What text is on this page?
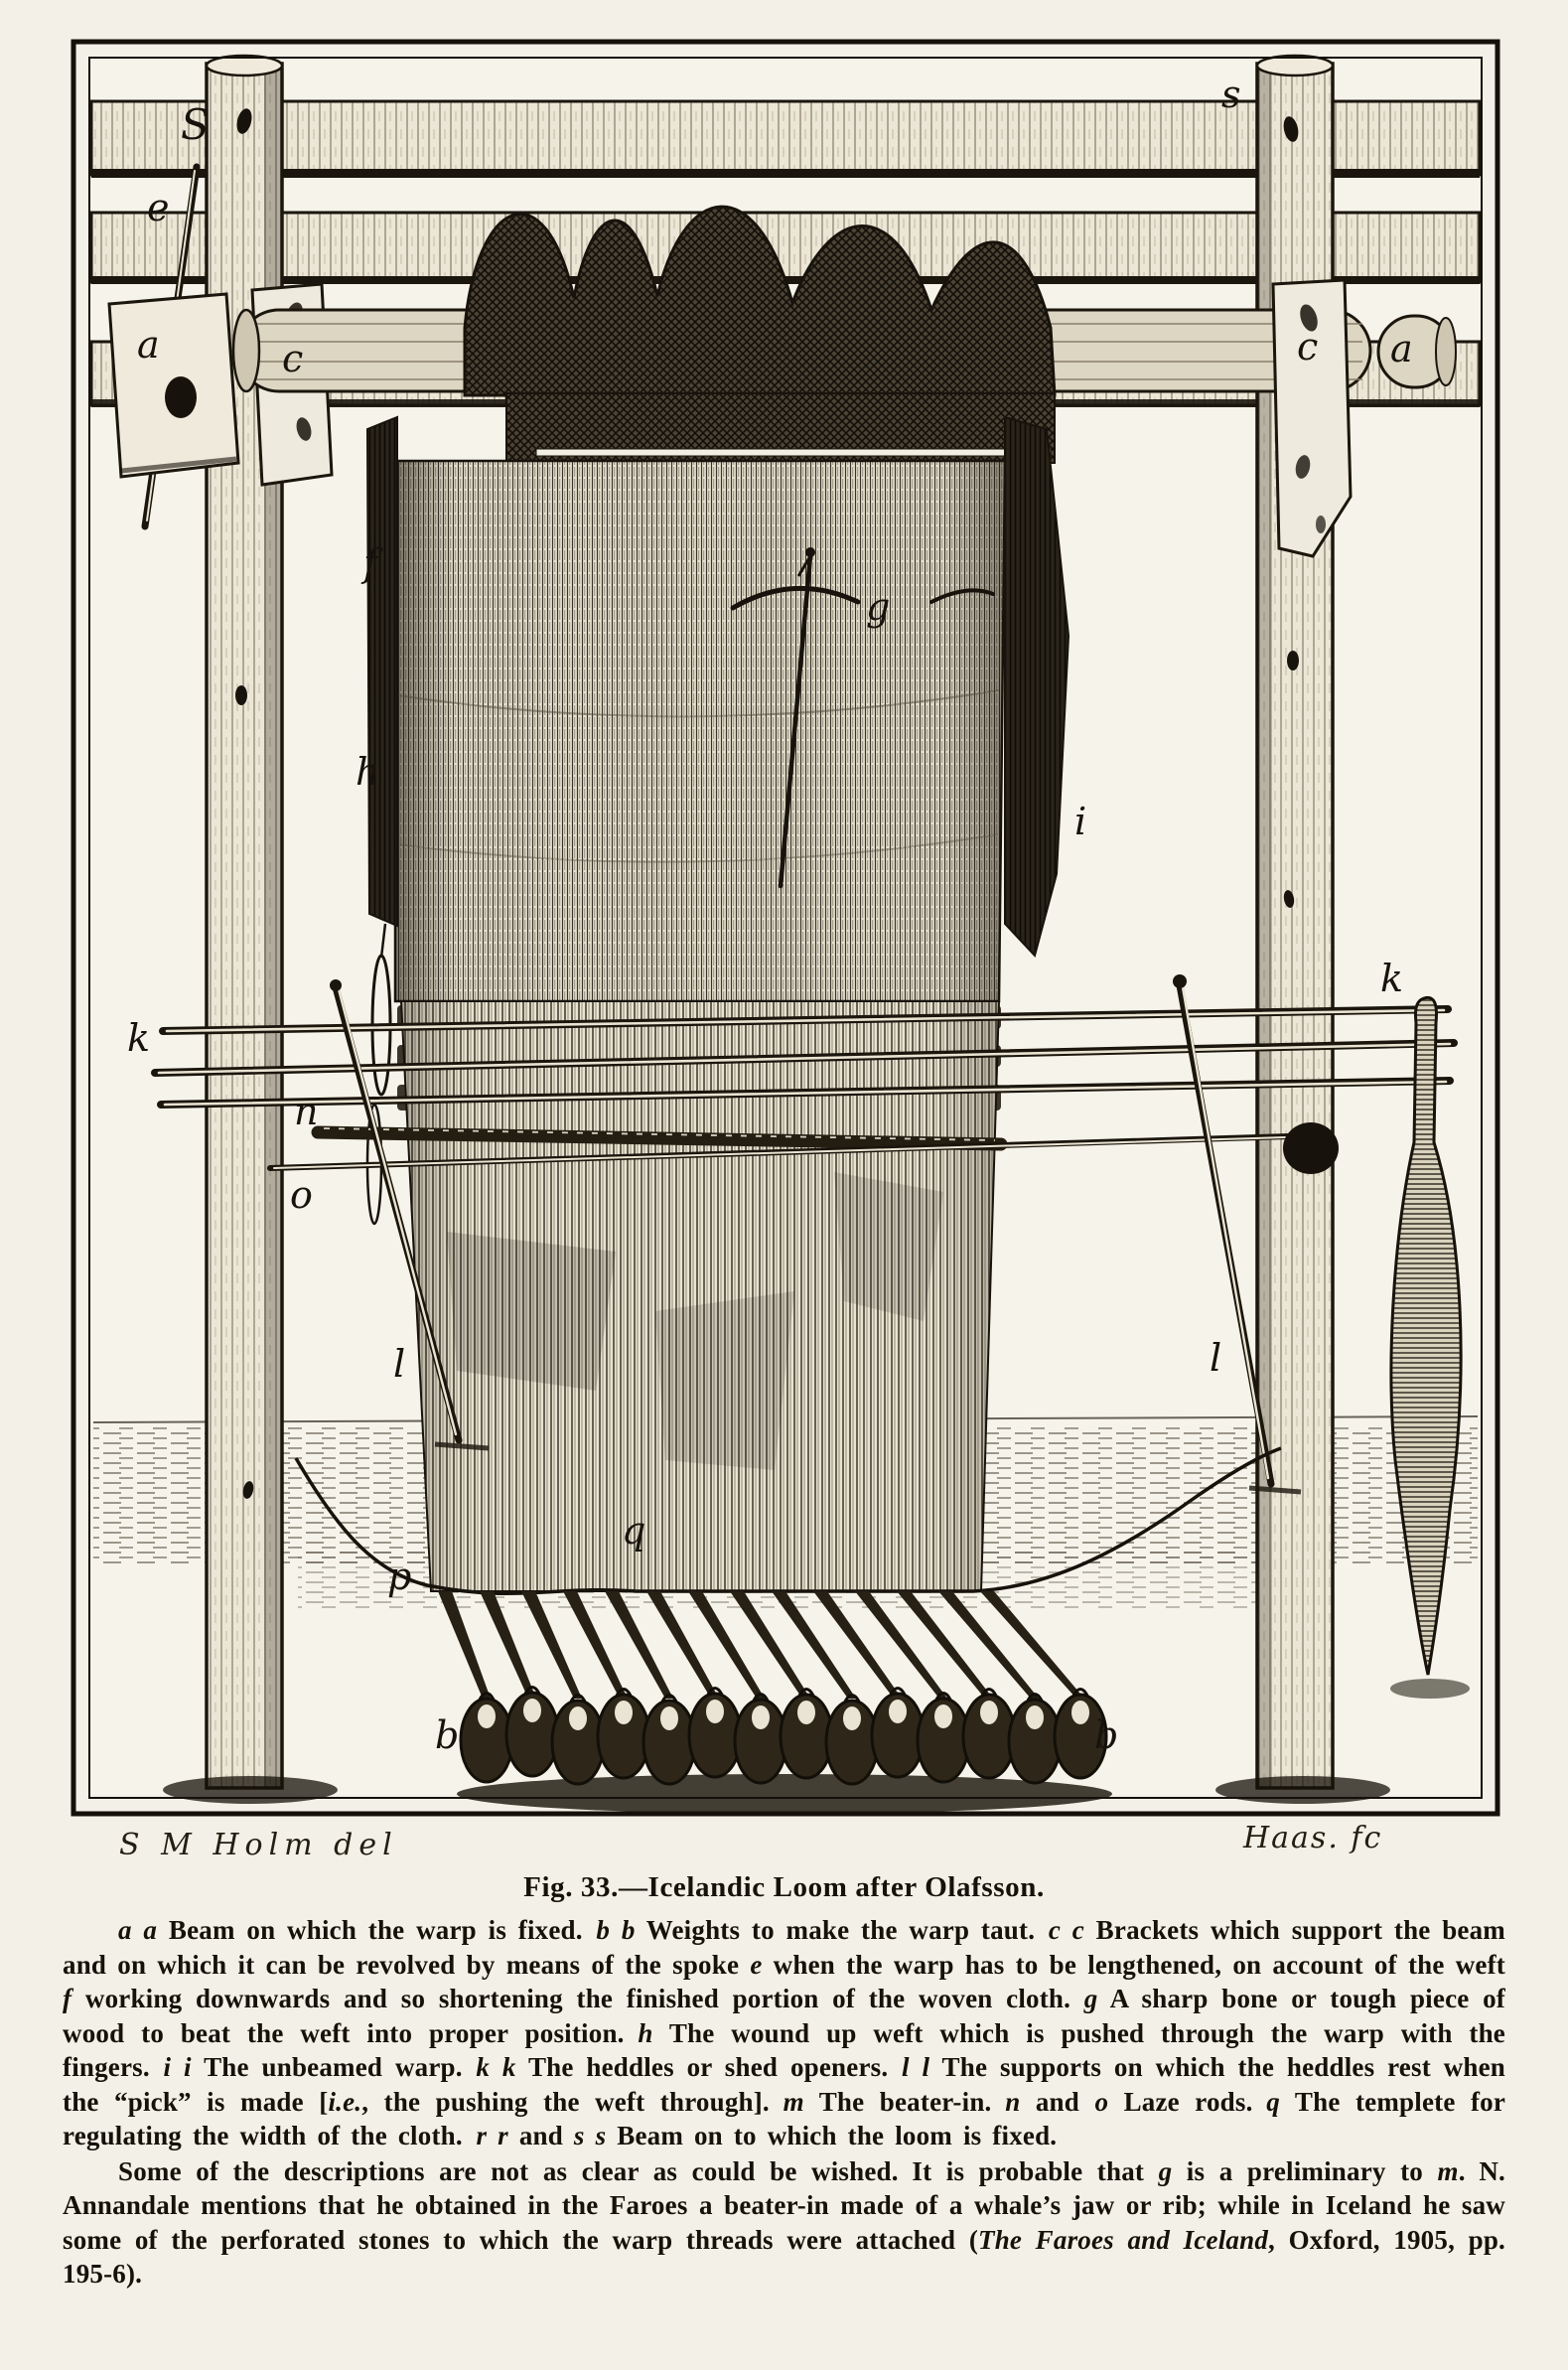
S
s
e
a	c	c a
f
g
h
i
k
k
n
o
l	l
p
q
b	b
S M Holm del	Haas. fc
Fig. 33.—Icelandic Loom after Olafsson.

a a Beam on which the warp is fixed. b b Weights to make the warp taut. c c Brackets which support the beam and on which it can be revolved by means of the spoke e when the warp has to be lengthened, on account of the weft f working downwards and so shortening the finished portion of the woven cloth. g A sharp bone or tough piece of wood to beat the weft into proper position. h The wound up weft which is pushed through the warp with the fingers. i i The unbeamed warp. k k The heddles or shed openers. l l The supports on which the heddles rest when the “pick” is made [i.e., the pushing the weft through]. m The beater-in. n and o Laze rods. q The templete for regulating the width of the cloth. r r and s s Beam on to which the loom is fixed.

Some of the descriptions are not as clear as could be wished. It is probable that g is a preliminary to m. N. Annandale mentions that he obtained in the Faroes a beater-in made of a whale’s jaw or rib; while in Iceland he saw some of the perforated stones to which the warp threads were attached (The Faroes and Iceland, Oxford, 1905, pp. 195-6).
